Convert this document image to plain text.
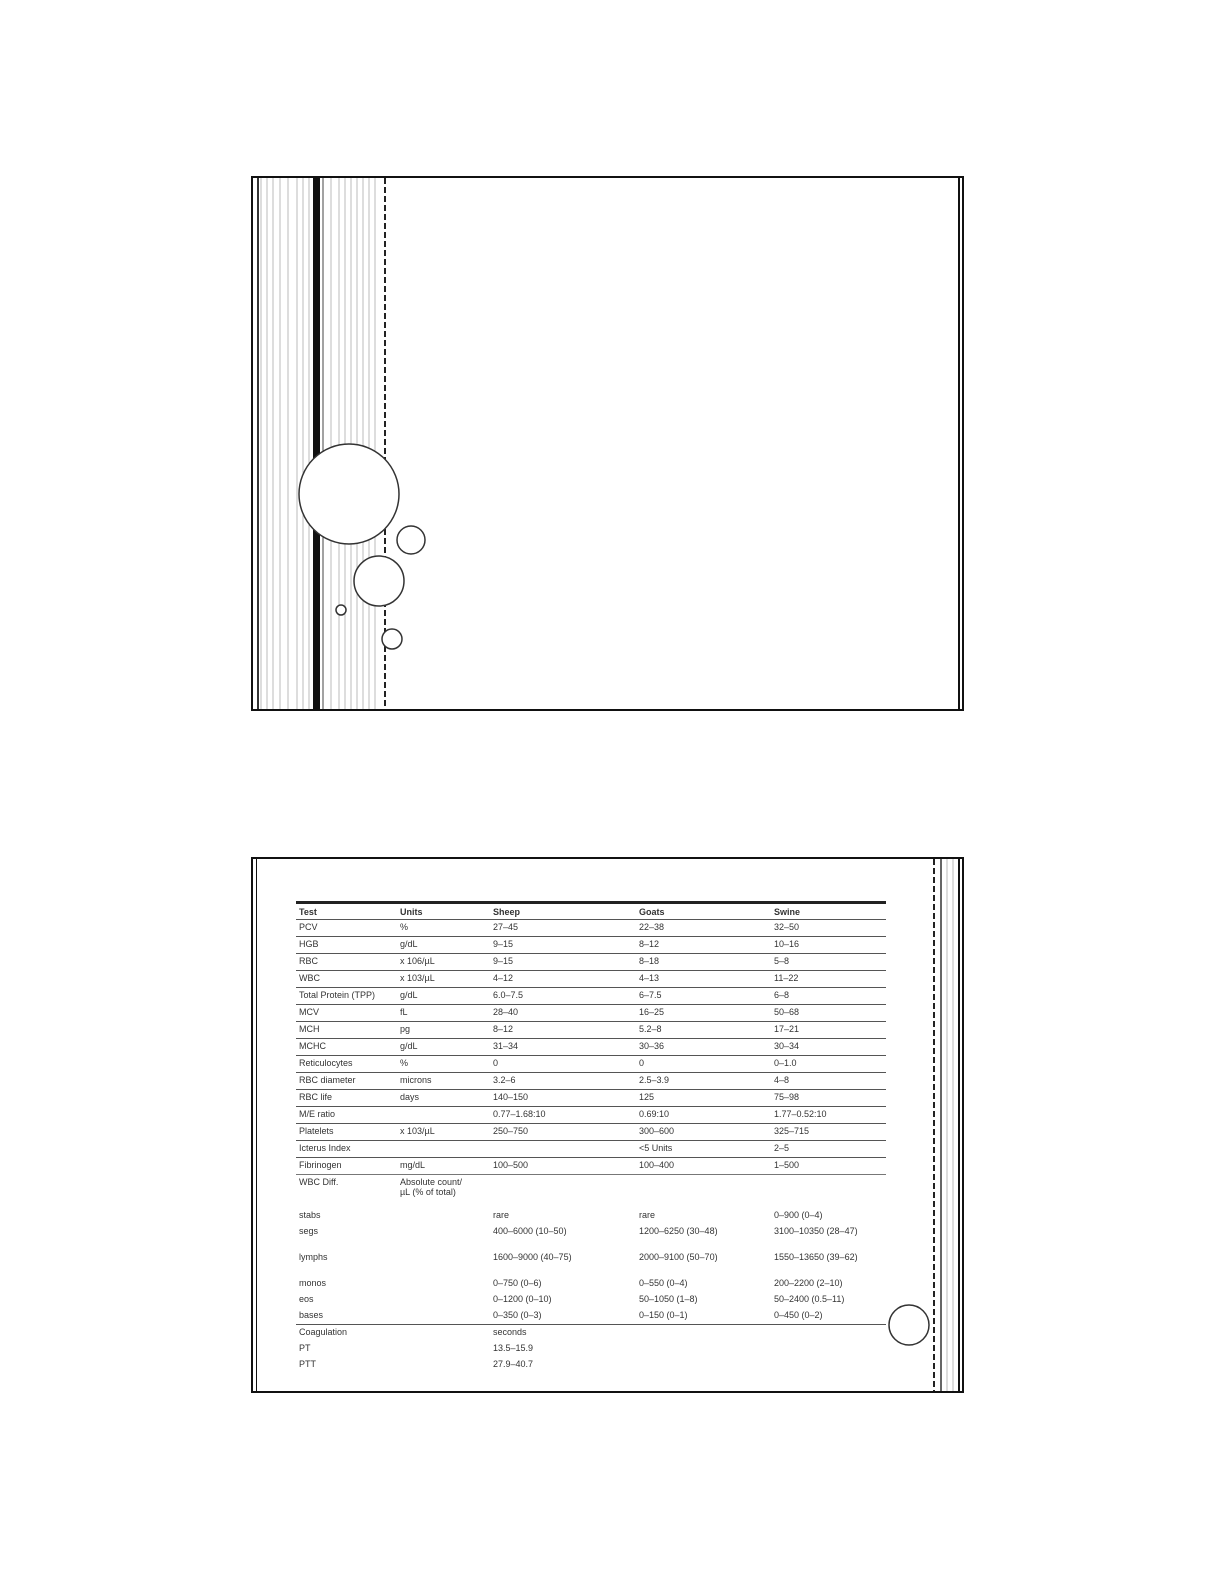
Test	Units	Sheep	Goats	Swine
PCV	%	27–45	22–38	32–50
HGB	g/dL	9–15	8–12	10–16
RBC	x 106/µL	9–15	8–18	5–8
WBC	x 103/µL	4–12	4–13	11–22
Total Protein (TPP)	g/dL	6.0–7.5	6–7.5	6–8
MCV	fL	28–40	16–25	50–68
MCH	pg	8–12	5.2–8	17–21
MCHC	g/dL	31–34	30–36	30–34
Reticulocytes	%	0	0	0–1.0
RBC diameter	microns	3.2–6	2.5–3.9	4–8
RBC life	days	140–150	125	75–98
M/E ratio		0.77–1.68:10	0.69:10	1.77–0.52:10
Platelets	x 103/µL	250–750	300–600	325–715
Icterus Index			<5 Units	2–5
Fibrinogen	mg/dL	100–500	100–400	1–500
WBC Diff.	Absolute count/
µL (% of total)			

stabs		rare	rare	0–900 (0–4)
segs		400–6000 (10–50)	1200–6250 (30–48)	3100–10350 (28–47)

lymphs		1600–9000 (40–75)	2000–9100 (50–70)	1550–13650 (39–62)

monos		0–750 (0–6)	0–550 (0–4)	200–2200 (2–10)
eos		0–1200 (0–10)	50–1050 (1–8)	50–2400 (0.5–11)
bases		0–350 (0–3)	0–150 (0–1)	0–450 (0–2)
Coagulation		seconds		
PT		13.5–15.9		
PTT		27.9–40.7		
